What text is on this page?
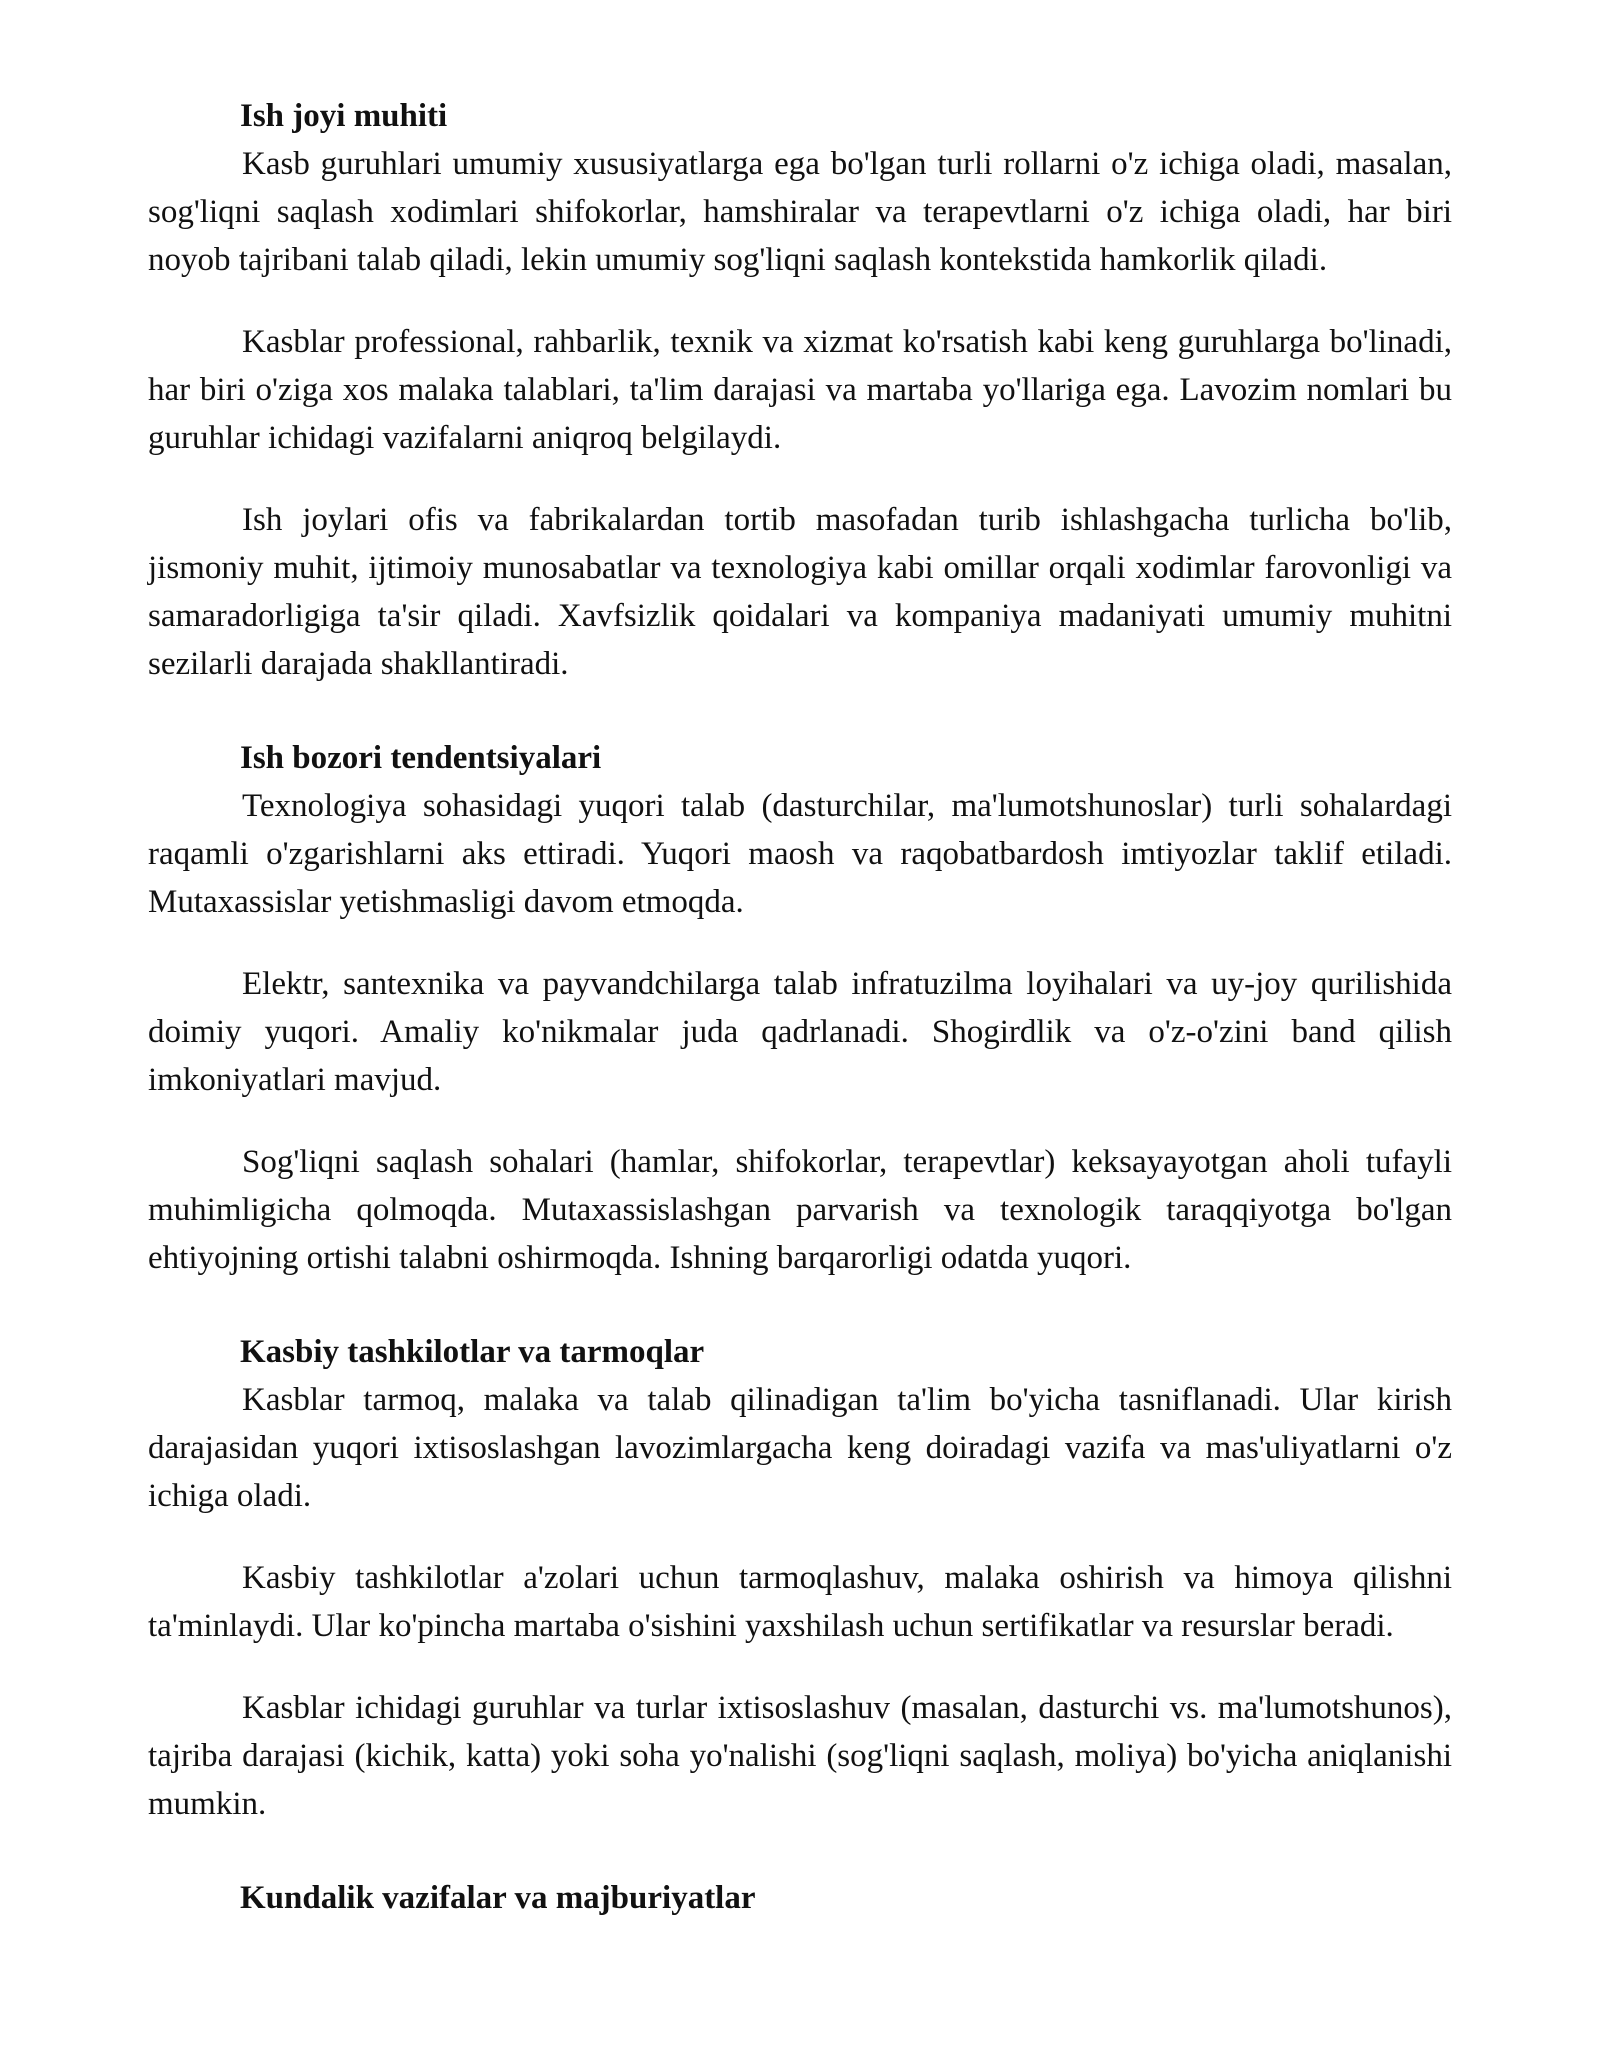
Ish joyi muhiti

Kasb guruhlari umumiy xususiyatlarga ega bo'lgan turli rollarni o'z ichiga oladi, masalan, sog'liqni saqlash xodimlari shifokorlar, hamshiralar va terapevtlarni o'z ichiga oladi, har biri noyob tajribani talab qiladi, lekin umumiy sog'liqni saqlash kontekstida hamkorlik qiladi.

Kasblar professional, rahbarlik, texnik va xizmat ko'rsatish kabi keng guruhlarga bo'linadi, har biri o'ziga xos malaka talablari, ta'lim darajasi va martaba yo'llariga ega. Lavozim nomlari bu guruhlar ichidagi vazifalarni aniqroq belgilaydi.

Ish joylari ofis va fabrikalardan tortib masofadan turib ishlashgacha turlicha bo'lib, jismoniy muhit, ijtimoiy munosabatlar va texnologiya kabi omillar orqali xodimlar farovonligi va samaradorligiga ta'sir qiladi. Xavfsizlik qoidalari va kompaniya madaniyati umumiy muhitni sezilarli darajada shakllantiradi.

Ish bozori tendentsiyalari

Texnologiya sohasidagi yuqori talab (dasturchilar, ma'lumotshunoslar) turli sohalardagi raqamli o'zgarishlarni aks ettiradi. Yuqori maosh va raqobatbardosh imtiyozlar taklif etiladi. Mutaxassislar yetishmasligi davom etmoqda.

Elektr, santexnika va payvandchilarga talab infratuzilma loyihalari va uy-joy qurilishida doimiy yuqori. Amaliy ko'nikmalar juda qadrlanadi. Shogirdlik va o'z-o'zini band qilish imkoniyatlari mavjud.

Sog'liqni saqlash sohalari (hamlar, shifokorlar, terapevtlar) keksayayotgan aholi tufayli muhimligicha qolmoqda. Mutaxassislashgan parvarish va texnologik taraqqiyotga bo'lgan ehtiyojning ortishi talabni oshirmoqda. Ishning barqarorligi odatda yuqori.

Kasbiy tashkilotlar va tarmoqlar

Kasblar tarmoq, malaka va talab qilinadigan ta'lim bo'yicha tasniflanadi. Ular kirish darajasidan yuqori ixtisoslashgan lavozimlargacha keng doiradagi vazifa va mas'uliyatlarni o'z ichiga oladi.

Kasbiy tashkilotlar a'zolari uchun tarmoqlashuv, malaka oshirish va himoya qilishni ta'minlaydi. Ular ko'pincha martaba o'sishini yaxshilash uchun sertifikatlar va resurslar beradi.

Kasblar ichidagi guruhlar va turlar ixtisoslashuv (masalan, dasturchi vs. ma'lumotshunos), tajriba darajasi (kichik, katta) yoki soha yo'nalishi (sog'liqni saqlash, moliya) bo'yicha aniqlanishi mumkin.

Kundalik vazifalar va majburiyatlar
